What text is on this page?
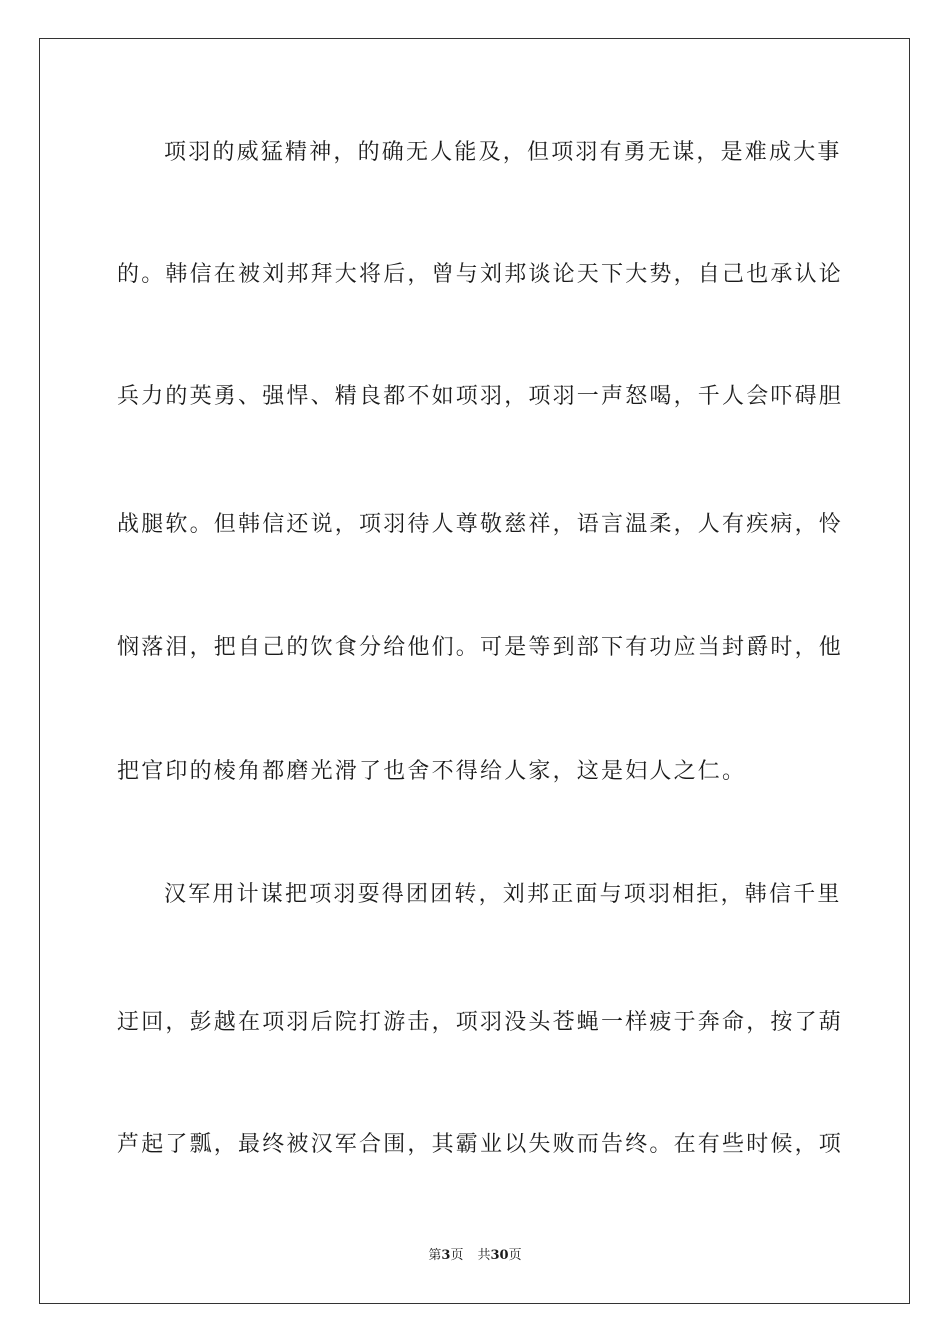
项羽的威猛精神，的确无人能及，但项羽有勇无谋，是难成大事
的。韩信在被刘邦拜大将后，曾与刘邦谈论天下大势，自己也承认论
兵力的英勇、强悍、精良都不如项羽，项羽一声怒喝，千人会吓碍胆
战腿软。但韩信还说，项羽待人尊敬慈祥，语言温柔，人有疾病，怜
悯落泪，把自己的饮食分给他们。可是等到部下有功应当封爵时，他
把官印的棱角都磨光滑了也舍不得给人家，这是妇人之仁。
汉军用计谋把项羽耍得团团转，刘邦正面与项羽相拒，韩信千里
迂回，彭越在项羽后院打游击，项羽没头苍蝇一样疲于奔命，按了葫
芦起了瓢，最终被汉军合围，其霸业以失败而告终。在有些时候，项
第3页 共30页
